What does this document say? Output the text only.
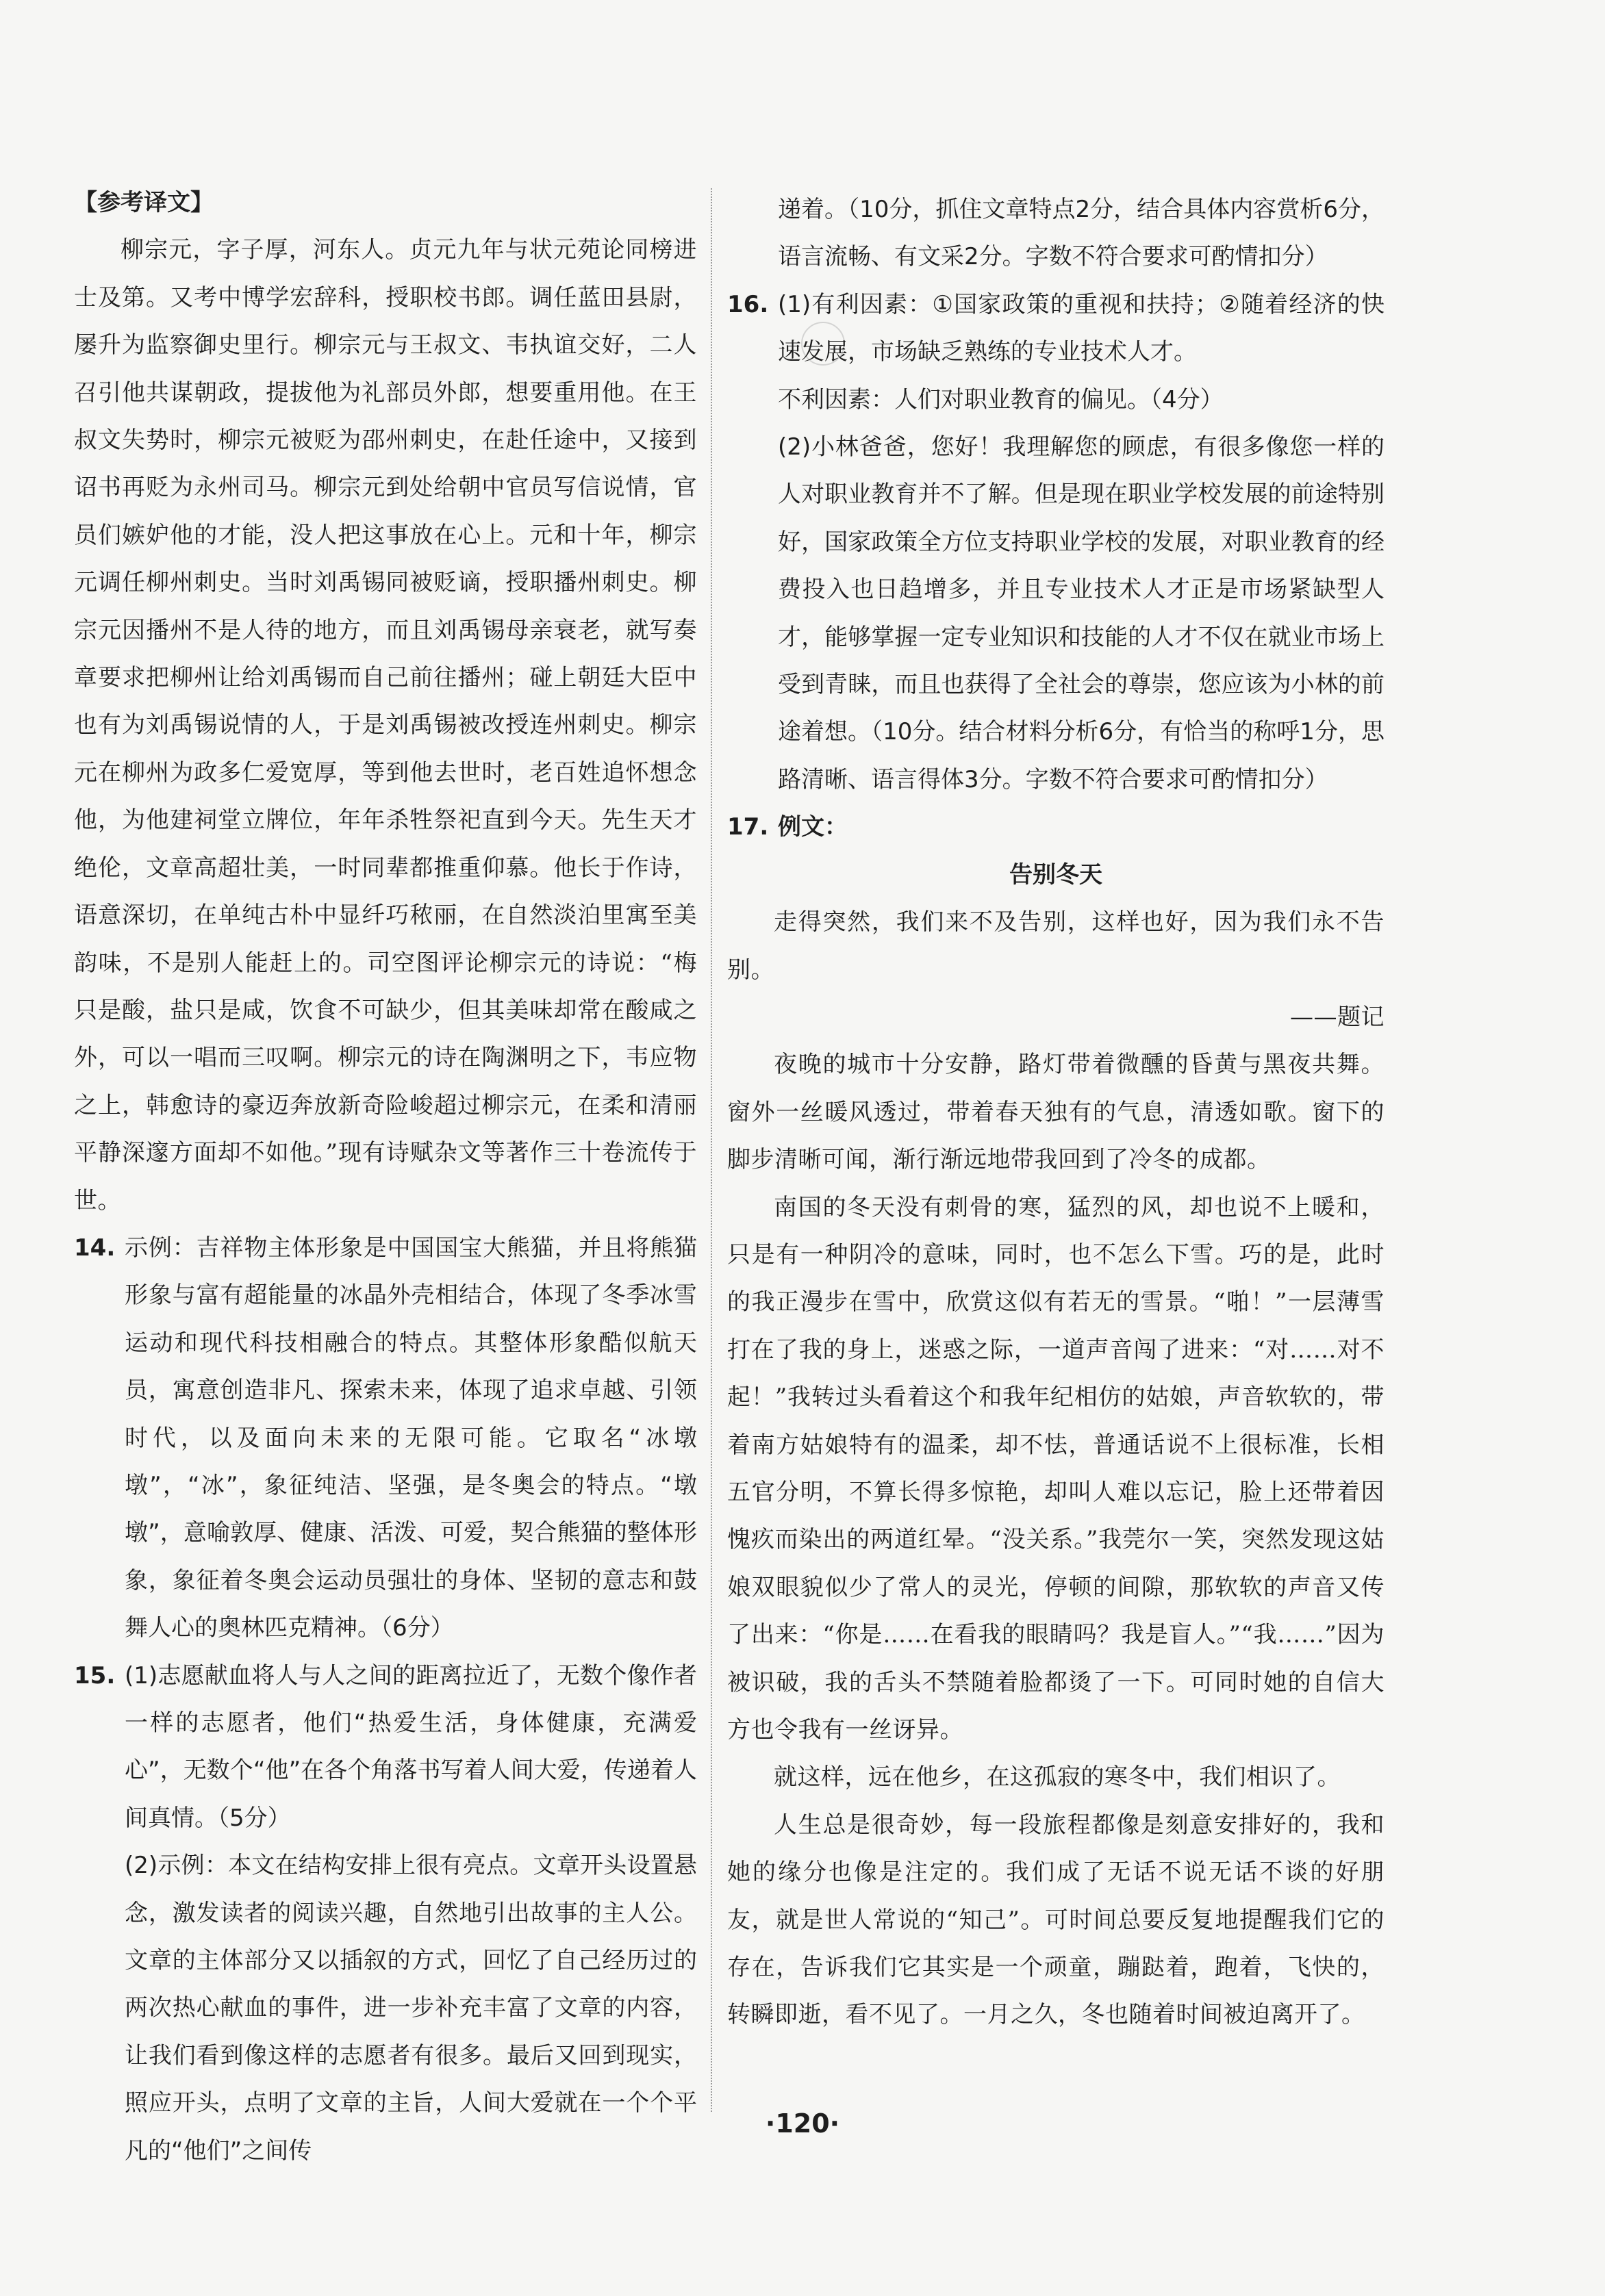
【参考译文】

柳宗元，字子厚，河东人。贞元九年与状元苑论同榜进士及第。又考中博学宏辞科，授职校书郎。调任蓝田县尉，屡升为监察御史里行。柳宗元与王叔文、韦执谊交好，二人召引他共谋朝政，提拔他为礼部员外郎，想要重用他。在王叔文失势时，柳宗元被贬为邵州刺史，在赴任途中，又接到诏书再贬为永州司马。柳宗元到处给朝中官员写信说情，官员们嫉妒他的才能，没人把这事放在心上。元和十年，柳宗元调任柳州刺史。当时刘禹锡同被贬谪，授职播州刺史。柳宗元因播州不是人待的地方，而且刘禹锡母亲衰老，就写奏章要求把柳州让给刘禹锡而自己前往播州；碰上朝廷大臣中也有为刘禹锡说情的人，于是刘禹锡被改授连州刺史。柳宗元在柳州为政多仁爱宽厚，等到他去世时，老百姓追怀想念他，为他建祠堂立牌位，年年杀牲祭祀直到今天。先生天才绝伦，文章高超壮美，一时同辈都推重仰慕。他长于作诗，语意深切，在单纯古朴中显纤巧秾丽，在自然淡泊里寓至美韵味，不是别人能赶上的。司空图评论柳宗元的诗说：“梅只是酸，盐只是咸，饮食不可缺少，但其美味却常在酸咸之外，可以一唱而三叹啊。柳宗元的诗在陶渊明之下，韦应物之上，韩愈诗的豪迈奔放新奇险峻超过柳宗元，在柔和清丽平静深邃方面却不如他。”现有诗赋杂文等著作三十卷流传于世。

14. 示例：吉祥物主体形象是中国国宝大熊猫，并且将熊猫形象与富有超能量的冰晶外壳相结合，体现了冬季冰雪运动和现代科技相融合的特点。其整体形象酷似航天员，寓意创造非凡、探索未来，体现了追求卓越、引领时代，以及面向未来的无限可能。它取名“冰墩墩”，“冰”，象征纯洁、坚强，是冬奥会的特点。“墩墩”，意喻敦厚、健康、活泼、可爱，契合熊猫的整体形象，象征着冬奥会运动员强壮的身体、坚韧的意志和鼓舞人心的奥林匹克精神。（6分）

15. (1)志愿献血将人与人之间的距离拉近了，无数个像作者一样的志愿者，他们“热爱生活，身体健康，充满爱心”，无数个“他”在各个角落书写着人间大爱，传递着人间真情。（5分）

(2)示例：本文在结构安排上很有亮点。文章开头设置悬念，激发读者的阅读兴趣，自然地引出故事的主人公。文章的主体部分又以插叙的方式，回忆了自己经历过的两次热心献血的事件，进一步补充丰富了文章的内容，让我们看到像这样的志愿者有很多。最后又回到现实，照应开头，点明了文章的主旨，人间大爱就在一个个平凡的“他们”之间传

递着。（10分，抓住文章特点2分，结合具体内容赏析6分，语言流畅、有文采2分。字数不符合要求可酌情扣分）

16. (1)有利因素：①国家政策的重视和扶持；②随着经济的快速发展，市场缺乏熟练的专业技术人才。

不利因素：人们对职业教育的偏见。（4分）

(2)小林爸爸，您好！我理解您的顾虑，有很多像您一样的人对职业教育并不了解。但是现在职业学校发展的前途特别好，国家政策全方位支持职业学校的发展，对职业教育的经费投入也日趋增多，并且专业技术人才正是市场紧缺型人才，能够掌握一定专业知识和技能的人才不仅在就业市场上受到青睐，而且也获得了全社会的尊崇，您应该为小林的前途着想。（10分。结合材料分析6分，有恰当的称呼1分，思路清晰、语言得体3分。字数不符合要求可酌情扣分）

17. 例文：

告别冬天

走得突然，我们来不及告别，这样也好，因为我们永不告别。

——题记

夜晚的城市十分安静，路灯带着微醺的昏黄与黑夜共舞。窗外一丝暖风透过，带着春天独有的气息，清透如歌。窗下的脚步清晰可闻，渐行渐远地带我回到了冷冬的成都。

南国的冬天没有刺骨的寒，猛烈的风，却也说不上暖和，只是有一种阴冷的意味，同时，也不怎么下雪。巧的是，此时的我正漫步在雪中，欣赏这似有若无的雪景。“啪！”一层薄雪打在了我的身上，迷惑之际，一道声音闯了进来：“对……对不起！”我转过头看着这个和我年纪相仿的姑娘，声音软软的，带着南方姑娘特有的温柔，却不怯，普通话说不上很标准，长相五官分明，不算长得多惊艳，却叫人难以忘记，脸上还带着因愧疚而染出的两道红晕。“没关系。”我莞尔一笑，突然发现这姑娘双眼貌似少了常人的灵光，停顿的间隙，那软软的声音又传了出来：“你是……在看我的眼睛吗？我是盲人。”“我……”因为被识破，我的舌头不禁随着脸都烫了一下。可同时她的自信大方也令我有一丝讶异。

就这样，远在他乡，在这孤寂的寒冬中，我们相识了。

人生总是很奇妙，每一段旅程都像是刻意安排好的，我和她的缘分也像是注定的。我们成了无话不说无话不谈的好朋友，就是世人常说的“知己”。可时间总要反复地提醒我们它的存在，告诉我们它其实是一个顽童，蹦跶着，跑着，飞快的，转瞬即逝，看不见了。一月之久，冬也随着时间被迫离开了。

·120·
